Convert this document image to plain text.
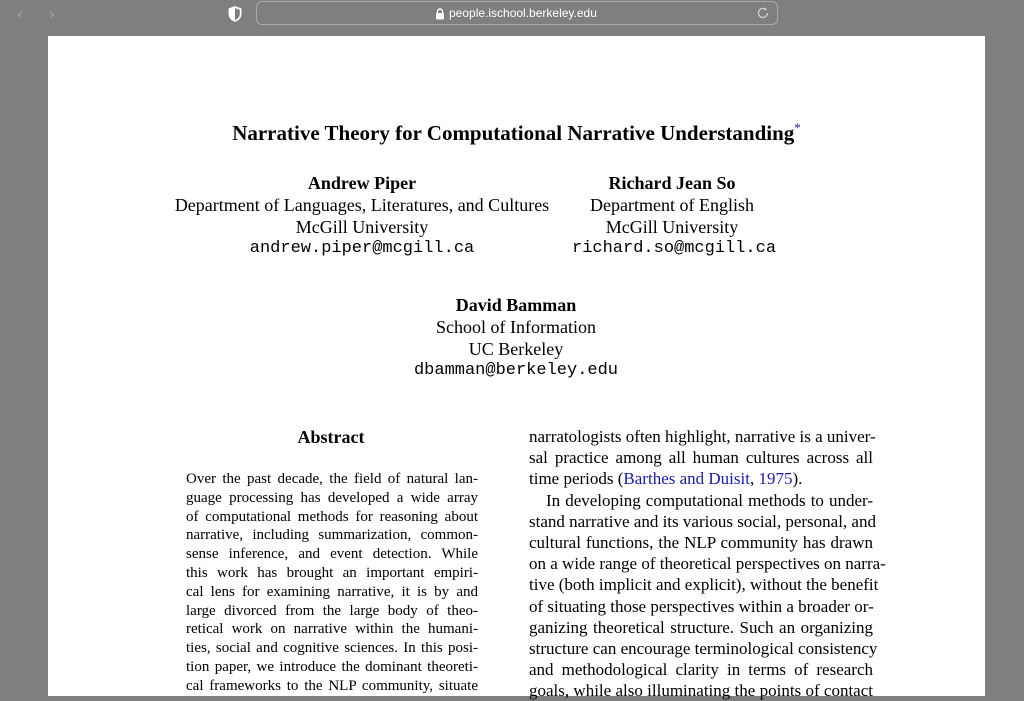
‹	›	people.ischool.berkeley.edu
Narrative Theory for Computational Narrative Understanding*
Andrew Piper
Department of Languages, Literatures, and Cultures
McGill University
andrew.piper@mcgill.ca
Richard Jean So
Department of English
McGill University
richard.so@mcgill.ca
David Bamman
School of Information
UC Berkeley
dbamman@berkeley.edu
Abstract
Over the past decade, the field of natural lan-
guage processing has developed a wide array
of computational methods for reasoning about
narrative, including summarization, common-
sense inference, and event detection. While
this work has brought an important empiri-
cal lens for examining narrative, it is by and
large divorced from the large body of theo-
retical work on narrative within the humani-
ties, social and cognitive sciences. In this posi-
tion paper, we introduce the dominant theoreti-
cal frameworks to the NLP community, situate
narratologists often highlight, narrative is a univer-
sal practice among all human cultures across all
time periods (Barthes and Duisit, 1975).
In developing computational methods to under-
stand narrative and its various social, personal, and
cultural functions, the NLP community has drawn
on a wide range of theoretical perspectives on narra-
tive (both implicit and explicit), without the benefit
of situating those perspectives within a broader or-
ganizing theoretical structure. Such an organizing
structure can encourage terminological consistency
and methodological clarity in terms of research
goals, while also illuminating the points of contact
